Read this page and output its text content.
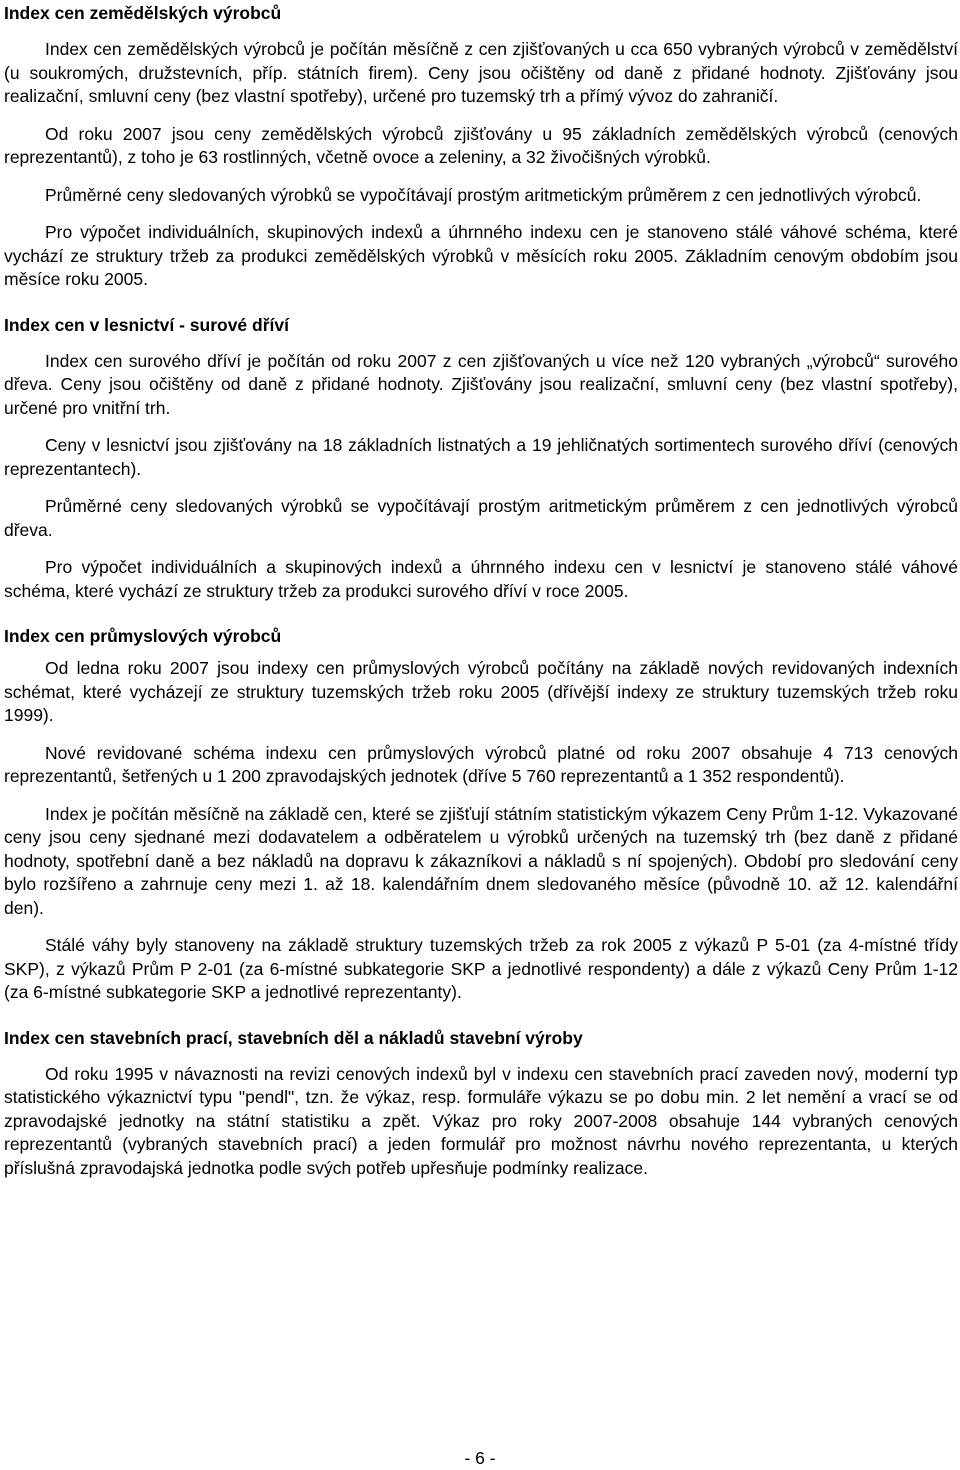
Index cen zemědělských výrobců

Index cen zemědělských výrobců je počítán měsíčně z cen zjišťovaných u cca 650 vybraných výrobců v zemědělství (u soukromých, družstevních, příp. státních firem). Ceny jsou očištěny od daně z přidané hodnoty. Zjišťovány jsou realizační, smluvní ceny (bez vlastní spotřeby), určené pro tuzemský trh a přímý vývoz do zahraničí.

Od roku 2007 jsou ceny zemědělských výrobců zjišťovány u 95 základních zemědělských výrobců (cenových reprezentantů), z toho je 63 rostlinných, včetně ovoce a zeleniny, a 32 živočišných výrobků.

Průměrné ceny sledovaných výrobků se vypočítávají prostým aritmetickým průměrem z cen jednotlivých výrobců.

Pro výpočet individuálních, skupinových indexů a úhrnného indexu cen je stanoveno stálé váhové schéma, které vychází ze struktury tržeb za produkci zemědělských výrobků v měsících roku 2005. Základním cenovým obdobím jsou měsíce roku 2005.

Index cen v lesnictví - surové dříví

Index cen surového dříví je počítán od roku 2007 z cen zjišťovaných u více než 120 vybraných „výrobců“ surového dřeva. Ceny jsou očištěny od daně z přidané hodnoty. Zjišťovány jsou realizační, smluvní ceny (bez vlastní spotřeby), určené pro vnitřní trh.

Ceny v lesnictví jsou zjišťovány na 18 základních listnatých a 19 jehličnatých sortimentech surového dříví (cenových reprezentantech).

Průměrné ceny sledovaných výrobků se vypočítávají prostým aritmetickým průměrem z cen jednotlivých výrobců dřeva.

Pro výpočet individuálních a skupinových indexů a úhrnného indexu cen v lesnictví je stanoveno stálé váhové schéma, které vychází ze struktury tržeb za produkci surového dříví v roce 2005.

Index cen průmyslových výrobců

Od ledna roku 2007 jsou indexy cen průmyslových výrobců počítány na základě nových revidovaných indexních schémat, které vycházejí ze struktury tuzemských tržeb roku 2005 (dřívější indexy ze struktury tuzemských tržeb roku 1999).

Nové revidované schéma indexu cen průmyslových výrobců platné od roku 2007 obsahuje 4 713 cenových reprezentantů, šetřených u 1 200 zpravodajských jednotek (dříve 5 760 reprezentantů a 1 352 respondentů).

Index je počítán měsíčně na základě cen, které se zjišťují státním statistickým výkazem Ceny Prům 1-12. Vykazované ceny jsou ceny sjednané mezi dodavatelem a odběratelem u výrobků určených na tuzemský trh (bez daně z přidané hodnoty, spotřební daně a bez nákladů na dopravu k zákazníkovi a nákladů s ní spojených). Období pro sledování ceny bylo rozšířeno a zahrnuje ceny mezi 1. až 18. kalendářním dnem sledovaného měsíce (původně 10. až 12. kalendářní den).

Stálé váhy byly stanoveny na základě struktury tuzemských tržeb za rok 2005 z výkazů P 5-01 (za 4-místné třídy SKP), z výkazů Prům P 2-01 (za 6-místné subkategorie SKP a jednotlivé respondenty) a dále z výkazů Ceny Prům 1-12 (za 6-místné subkategorie SKP a jednotlivé reprezentanty).

Index cen stavebních prací, stavebních děl a nákladů stavební výroby

Od roku 1995 v návaznosti na revizi cenových indexů byl v indexu cen stavebních prací zaveden nový, moderní typ statistického výkaznictví typu "pendl", tzn. že výkaz, resp. formuláře výkazu se po dobu min. 2 let nemění a vrací se od zpravodajské jednotky na státní statistiku a zpět. Výkaz pro roky 2007-2008 obsahuje 144 vybraných cenových reprezentantů (vybraných stavebních prací) a jeden formulář pro možnost návrhu nového reprezentanta, u kterých příslušná zpravodajská jednotka podle svých potřeb upřesňuje podmínky realizace.

- 6 -
